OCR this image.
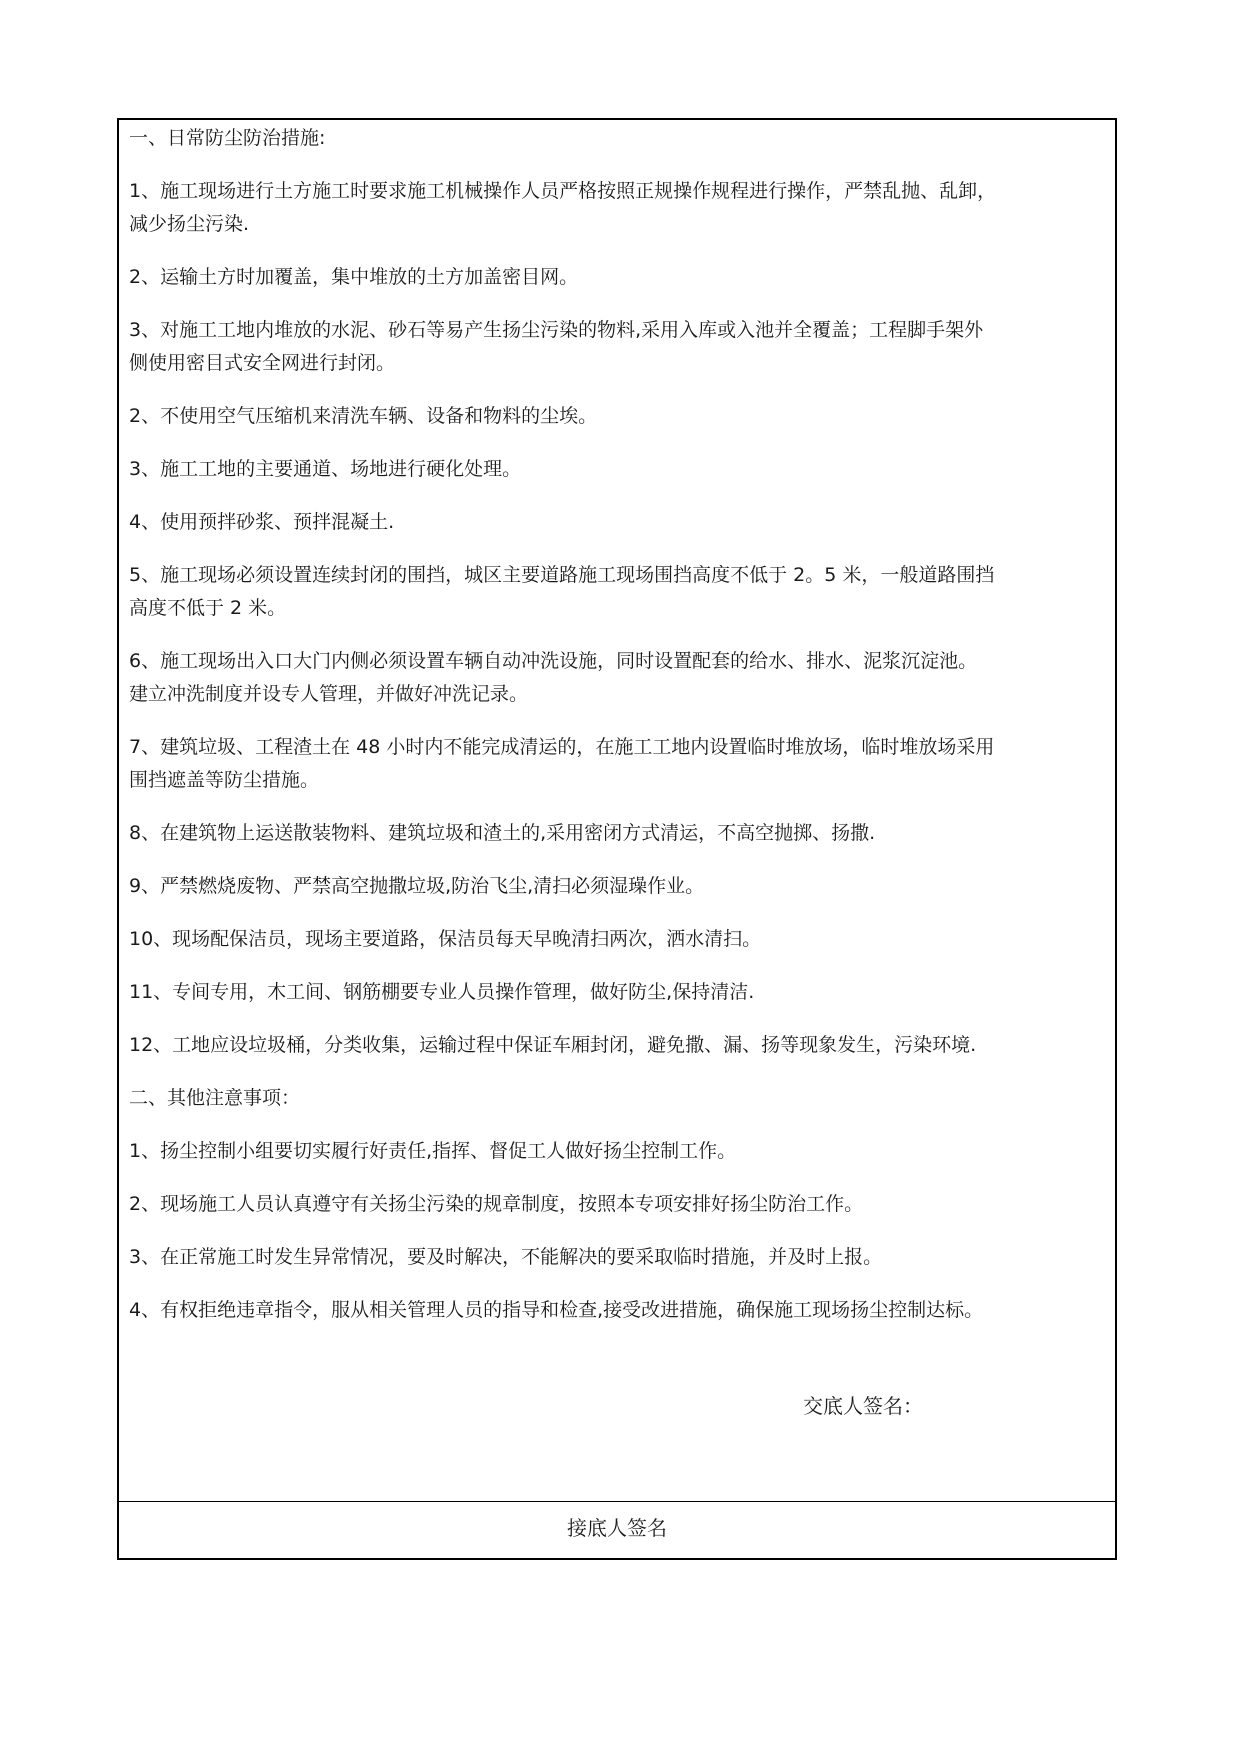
一、日常防尘防治措施:

1、施工现场进行土方施工时要求施工机械操作人员严格按照正规操作规程进行操作，严禁乱抛、乱卸，

减少扬尘污染.

2、运输土方时加覆盖，集中堆放的土方加盖密目网。

3、对施工工地内堆放的水泥、砂石等易产生扬尘污染的物料,采用入库或入池并全覆盖；工程脚手架外

侧使用密目式安全网进行封闭。

2、不使用空气压缩机来清洗车辆、设备和物料的尘埃。

3、施工工地的主要通道、场地进行硬化处理。

4、使用预拌砂浆、预拌混凝土.

5、施工现场必须设置连续封闭的围挡，城区主要道路施工现场围挡高度不低于 2。5 米，一般道路围挡

高度不低于 2 米。

6、施工现场出入口大门内侧必须设置车辆自动冲洗设施，同时设置配套的给水、排水、泥浆沉淀池。

建立冲洗制度并设专人管理，并做好冲洗记录。

7、建筑垃圾、工程渣土在 48 小时内不能完成清运的，在施工工地内设置临时堆放场，临时堆放场采用

围挡遮盖等防尘措施。

8、在建筑物上运送散装物料、建筑垃圾和渣土的,采用密闭方式清运，不高空抛掷、扬撒.

9、严禁燃烧废物、严禁高空抛撒垃圾,防治飞尘,清扫必须湿璪作业。

10、现场配保洁员，现场主要道路，保洁员每天早晚清扫两次，洒水清扫。

11、专间专用，木工间、钢筋棚要专业人员操作管理，做好防尘,保持清洁.

12、工地应设垃圾桶，分类收集，运输过程中保证车厢封闭，避免撒、漏、扬等现象发生，污染环境.

二、其他注意事项：

1、扬尘控制小组要切实履行好责任,指挥、督促工人做好扬尘控制工作。

2、现场施工人员认真遵守有关扬尘污染的规章制度，按照本专项安排好扬尘防治工作。

3、在正常施工时发生异常情况，要及时解决，不能解决的要采取临时措施，并及时上报。

4、有权拒绝违章指令，服从相关管理人员的指导和检查,接受改进措施，确保施工现场扬尘控制达标。

交底人签名：
接底人签名
